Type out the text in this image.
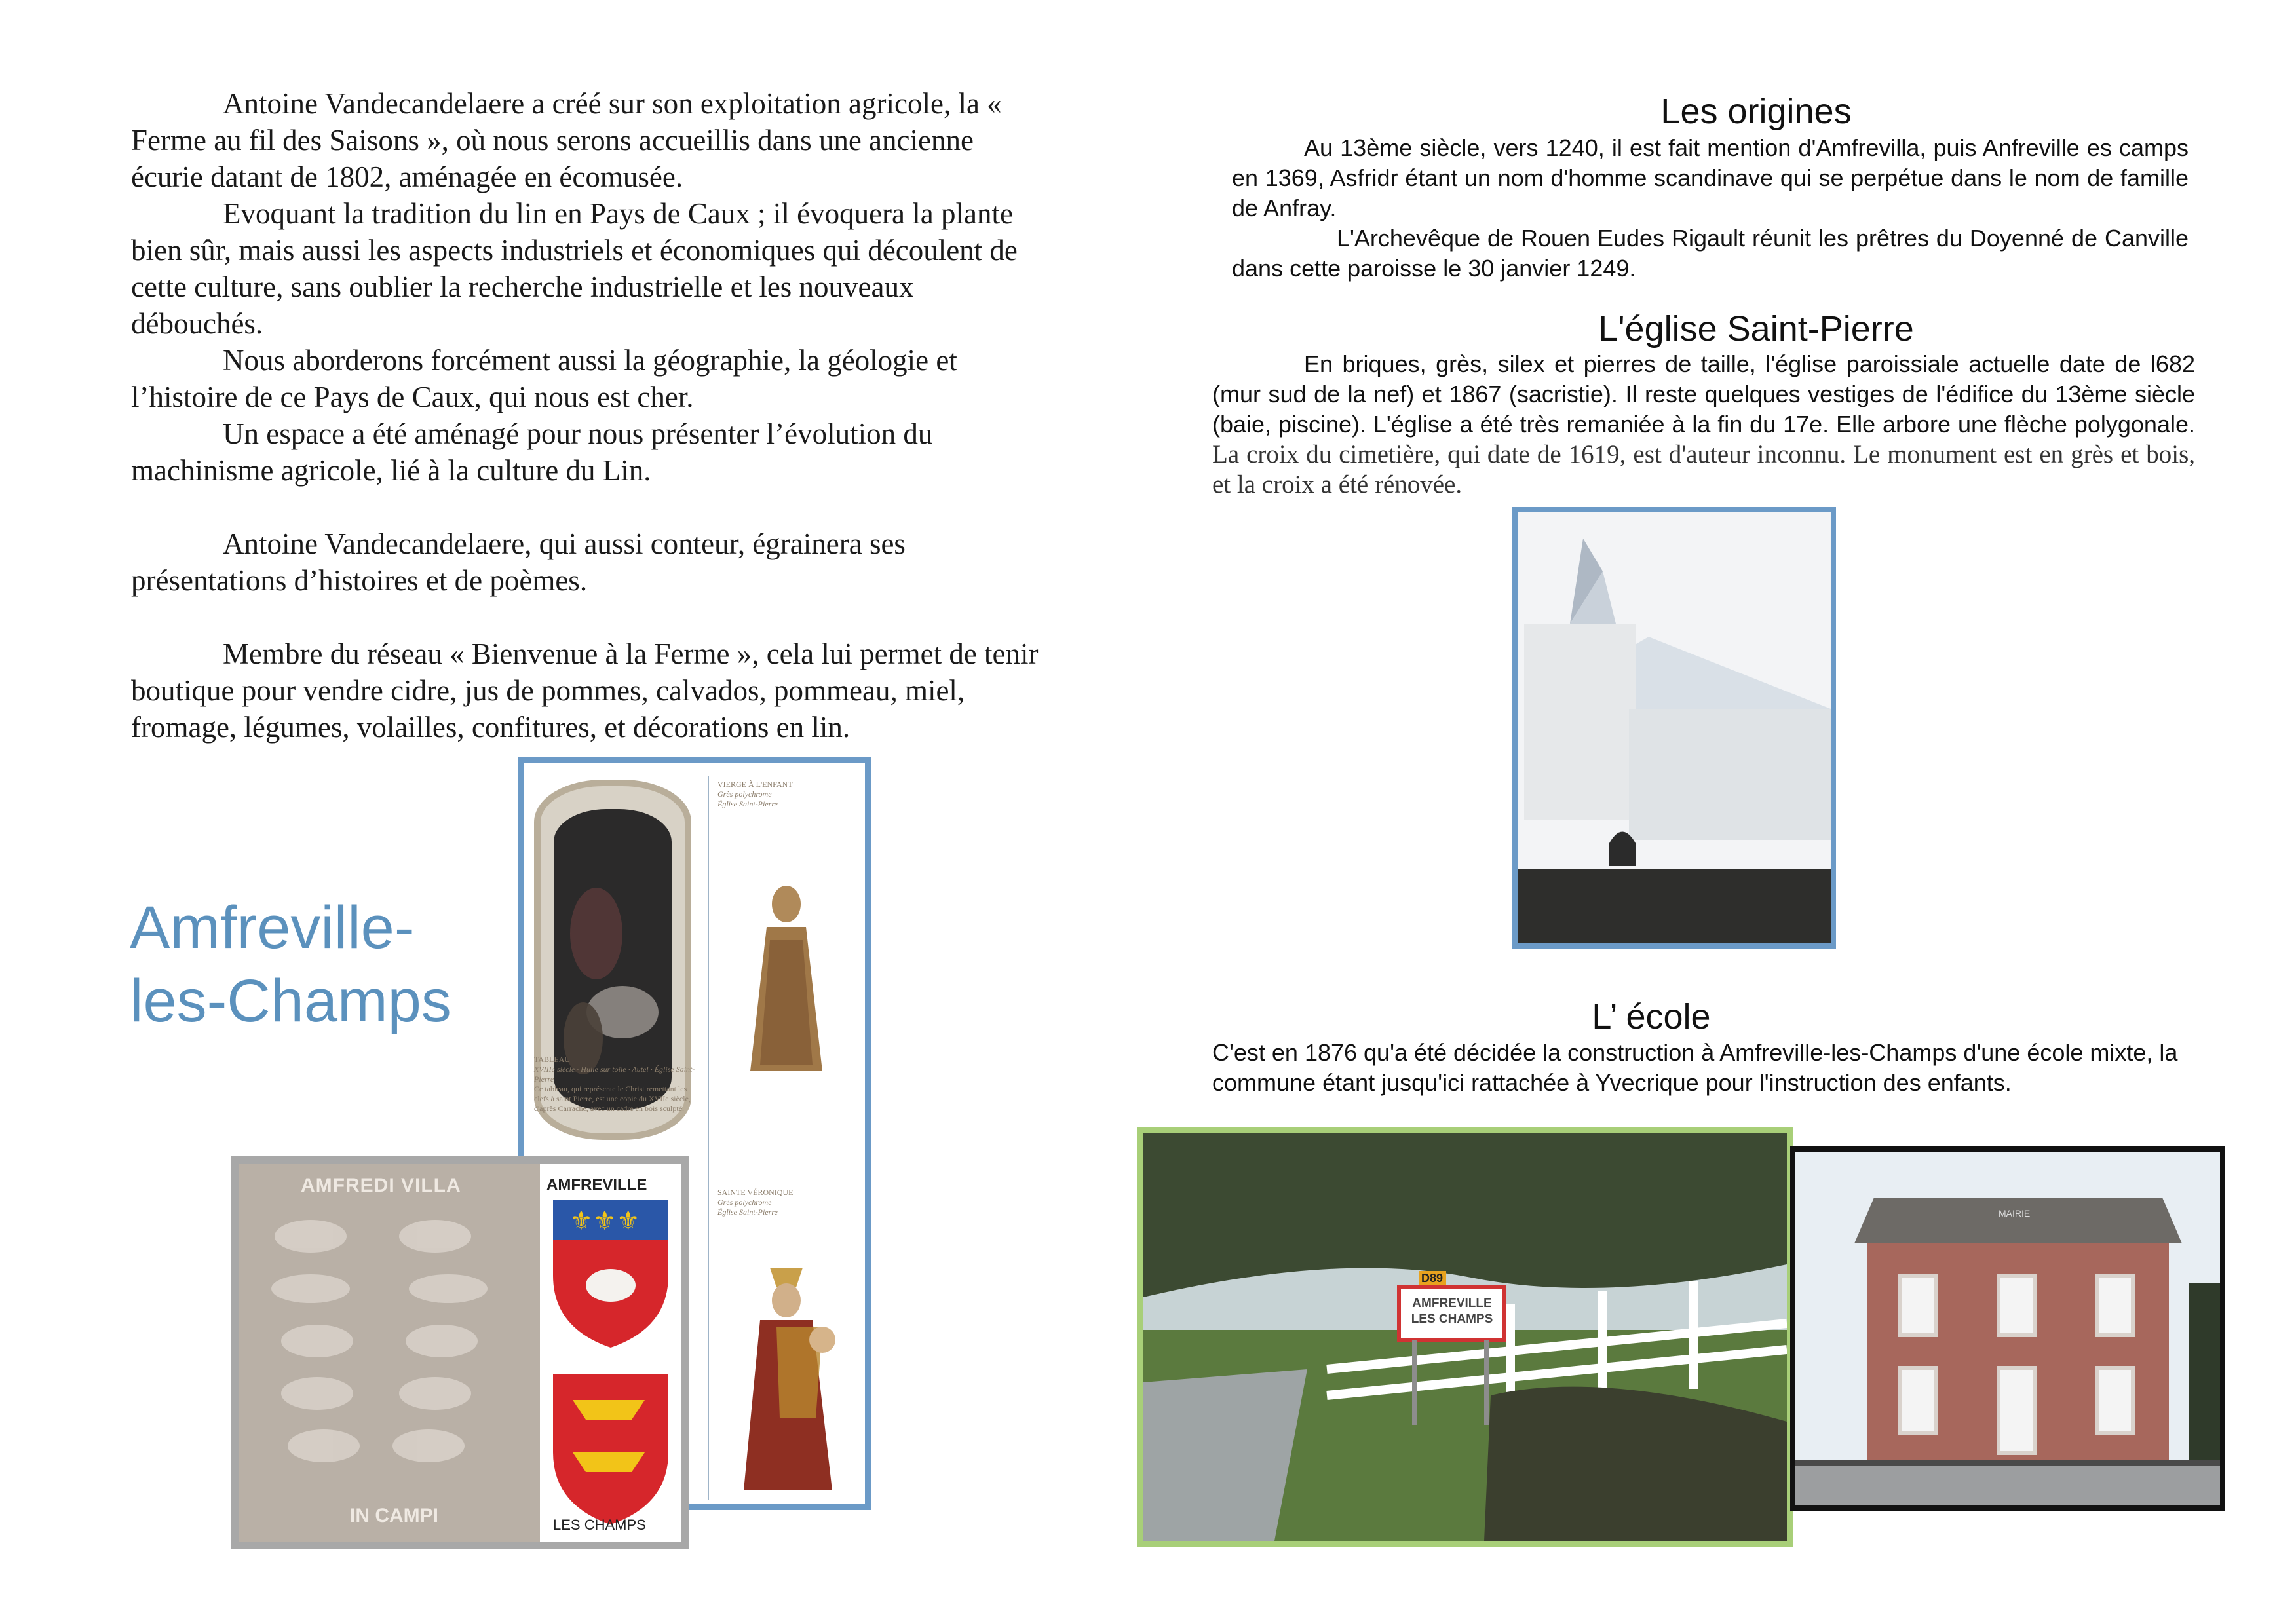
Antoine Vandecandelaere a créé sur son exploitation agricole, la « Ferme au fil des Saisons », où nous serons accueillis dans une ancienne écurie datant de 1802, aménagée en écomusée.

Evoquant la tradition du lin en Pays de Caux ; il évoquera la plante bien sûr, mais aussi les aspects industriels et économiques qui découlent de cette culture, sans oublier la recherche industrielle et les nouveaux débouchés.

Nous aborderons forcément aussi la géographie, la géologie et l’histoire de ce Pays de Caux, qui nous est cher.

Un espace a été aménagé pour nous présenter l’évolution du machinisme agricole, lié à la culture du Lin.

Antoine Vandecandelaere, qui aussi conteur, égrainera ses présentations d’histoires et de poèmes.

Membre du réseau « Bienvenue à la Ferme », cela lui permet de tenir boutique pour vendre cidre, jus de pommes, calvados, pommeau, miel, fromage, légumes, volailles, confitures, et décorations en lin.

Amfreville-
les-Champs
VIERGE À L'ENFANT
Grès polychrome
Église Saint-Pierre
TABLEAU
XVIIIe siècle · Huile sur toile · Autel · Église Saint-Pierre
Ce tableau, qui représente le Christ remettant les clefs à saint Pierre, est une copie du XVIIe siècle, d'après Carrache, avec un cadre en bois sculpté.
SAINTE VÉRONIQUE
Grès polychrome
Église Saint-Pierre
⚜⚜⚜
AMFREDI VILLA
IN CAMPI
AMFREVILLE
LES CHAMPS
Les origines

Au 13ème siècle, vers 1240, il est fait mention d'Amfrevilla, puis Anfreville es camps en 1369, Asfridr étant un nom d'homme scandinave qui se perpétue dans le nom de famille de Anfray.

L'Archevêque de Rouen Eudes Rigault réunit les prêtres du Doyenné de Canville dans cette paroisse le 30 janvier 1249.

L'église Saint-Pierre

En briques, grès, silex et pierres de taille, l'église paroissiale actuelle date de l682 (mur sud de la nef) et 1867 (sacristie). Il reste quelques vestiges de l'édifice du 13ème siècle (baie, piscine). L'église a été très remaniée à la fin du 17e. Elle arbore une flèche polygonale. La croix du cimetière, qui date de 1619, est d'auteur inconnu. Le monument est en grès et bois, et la croix a été rénovée.

L’ école

C'est en 1876 qu'a été décidée la construction à Amfreville-les-Champs d'une école mixte, la commune étant jusqu'ici rattachée à Yvecrique pour l'instruction des enfants.

D89
AMFREVILLE
LES CHAMPS
MAIRIE
